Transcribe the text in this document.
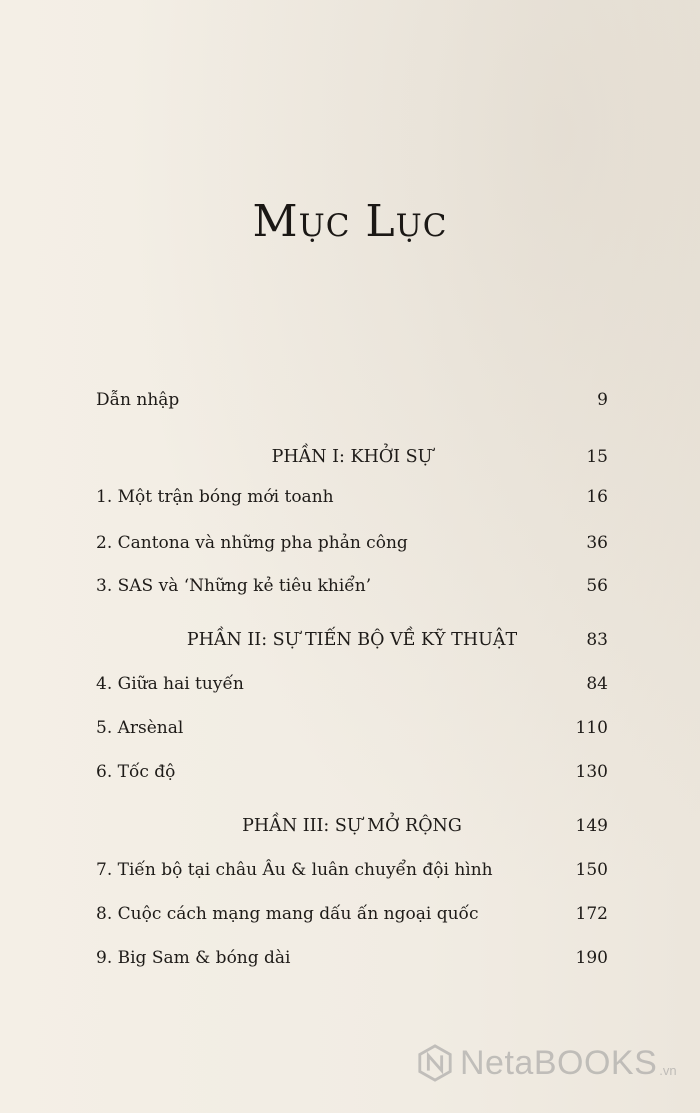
Mục Lục
Dẫn nhập	9
PHẦN I: KHỞI SỰ	15
1. Một trận bóng mới toanh	16
2. Cantona và những pha phản công	36
3. SAS và ‘Những kẻ tiêu khiển’	56
PHẦN II: SỰ TIẾN BỘ VỀ KỸ THUẬT	83
4. Giữa hai tuyến	84
5. Arsènal	110
6. Tốc độ	130
PHẦN III: SỰ MỞ RỘNG	149
7. Tiến bộ tại châu Âu & luân chuyển đội hình	150
8. Cuộc cách mạng mang dấu ấn ngoại quốc	172
9. Big Sam & bóng dài	190
NetaBOOKS .vn
